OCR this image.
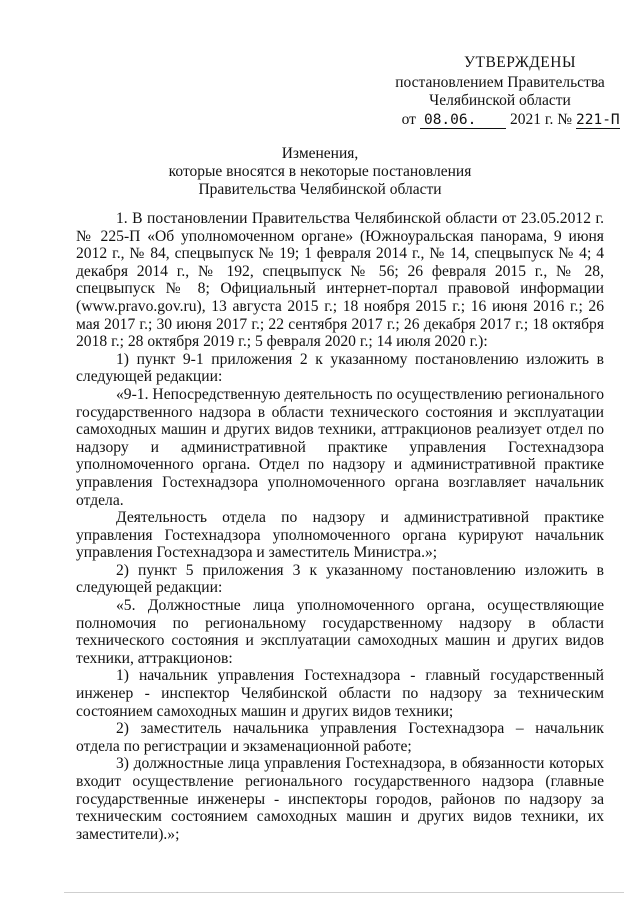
УТВЕРЖДЕНЫ
постановлением Правительства
Челябинской области
от 08.06.	2021 г. № 221-П
Изменения,
которые вносятся в некоторые постановления
Правительства Челябинской области

1. В постановлении Правительства Челябинской области от 23.05.2012 г. № 225-П «Об уполномоченном органе» (Южноуральская панорама, 9 июня 2012 г., № 84, спецвыпуск № 19; 1 февраля 2014 г., № 14, спецвыпуск № 4; 4 декабря 2014 г., № 192, спецвыпуск № 56; 26 февраля 2015 г., № 28, спецвыпуск № 8; Официальный интернет-портал правовой информации (www.pravo.gov.ru), 13 августа 2015 г.; 18 ноября 2015 г.; 16 июня 2016 г.; 26 мая 2017 г.; 30 июня 2017 г.; 22 сентября 2017 г.; 26 декабря 2017 г.; 18 октября 2018 г.; 28 октября 2019 г.; 5 февраля 2020 г.; 14 июля 2020 г.):

1) пункт 9-1 приложения 2 к указанному постановлению изложить в следующей редакции:

«9-1. Непосредственную деятельность по осуществлению регионального государственного надзора в области технического состояния и эксплуатации самоходных машин и других видов техники, аттракционов реализует отдел по надзору и административной практике управления Гостехнадзора уполномоченного органа. Отдел по надзору и административной практике управления Гостехнадзора уполномоченного органа возглавляет начальник отдела.

Деятельность отдела по надзору и административной практике управления Гостехнадзора уполномоченного органа курируют начальник управления Гостехнадзора и заместитель Министра.»;

2) пункт 5 приложения 3 к указанному постановлению изложить в следующей редакции:

«5. Должностные лица уполномоченного органа, осуществляющие полномочия по региональному государственному надзору в области технического состояния и эксплуатации самоходных машин и других видов техники, аттракционов:

1) начальник управления Гостехнадзора - главный государственный инженер - инспектор Челябинской области по надзору за техническим состоянием самоходных машин и других видов техники;

2) заместитель начальника управления Гостехнадзора – начальник отдела по регистрации и экзаменационной работе;

3) должностные лица управления Гостехнадзора, в обязанности которых входит осуществление регионального государственного надзора (главные государственные инженеры - инспекторы городов, районов по надзору за техническим состоянием самоходных машин и других видов техники, их заместители).»;
